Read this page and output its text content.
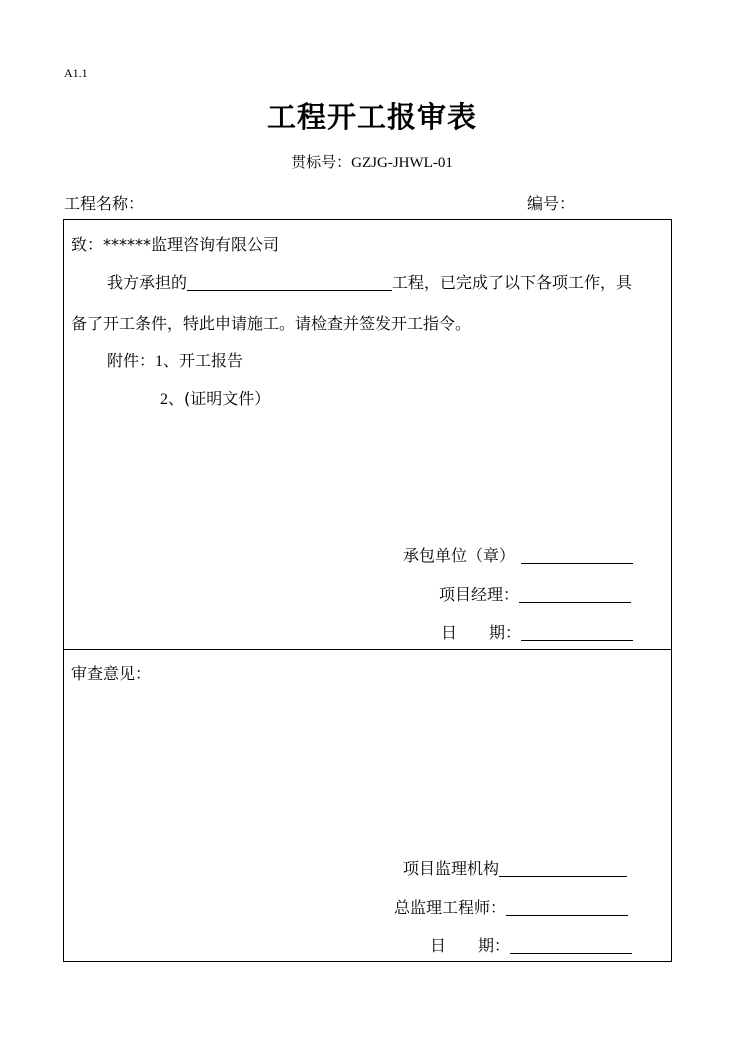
A1.1
工程开工报审表
贯标号：GZJG-JHWL-01
工程名称：	编号：
致：******监理咨询有限公司
我方承担的	工程，已完成了以下各项工作，具
备了开工条件，特此申请施工。请检查并签发开工指令。
附件：1、开工报告
2、(证明文件）
承包单位（章）
项目经理：
日　　期：
审查意见：
项目监理机构
总监理工程师：
日　　期：
